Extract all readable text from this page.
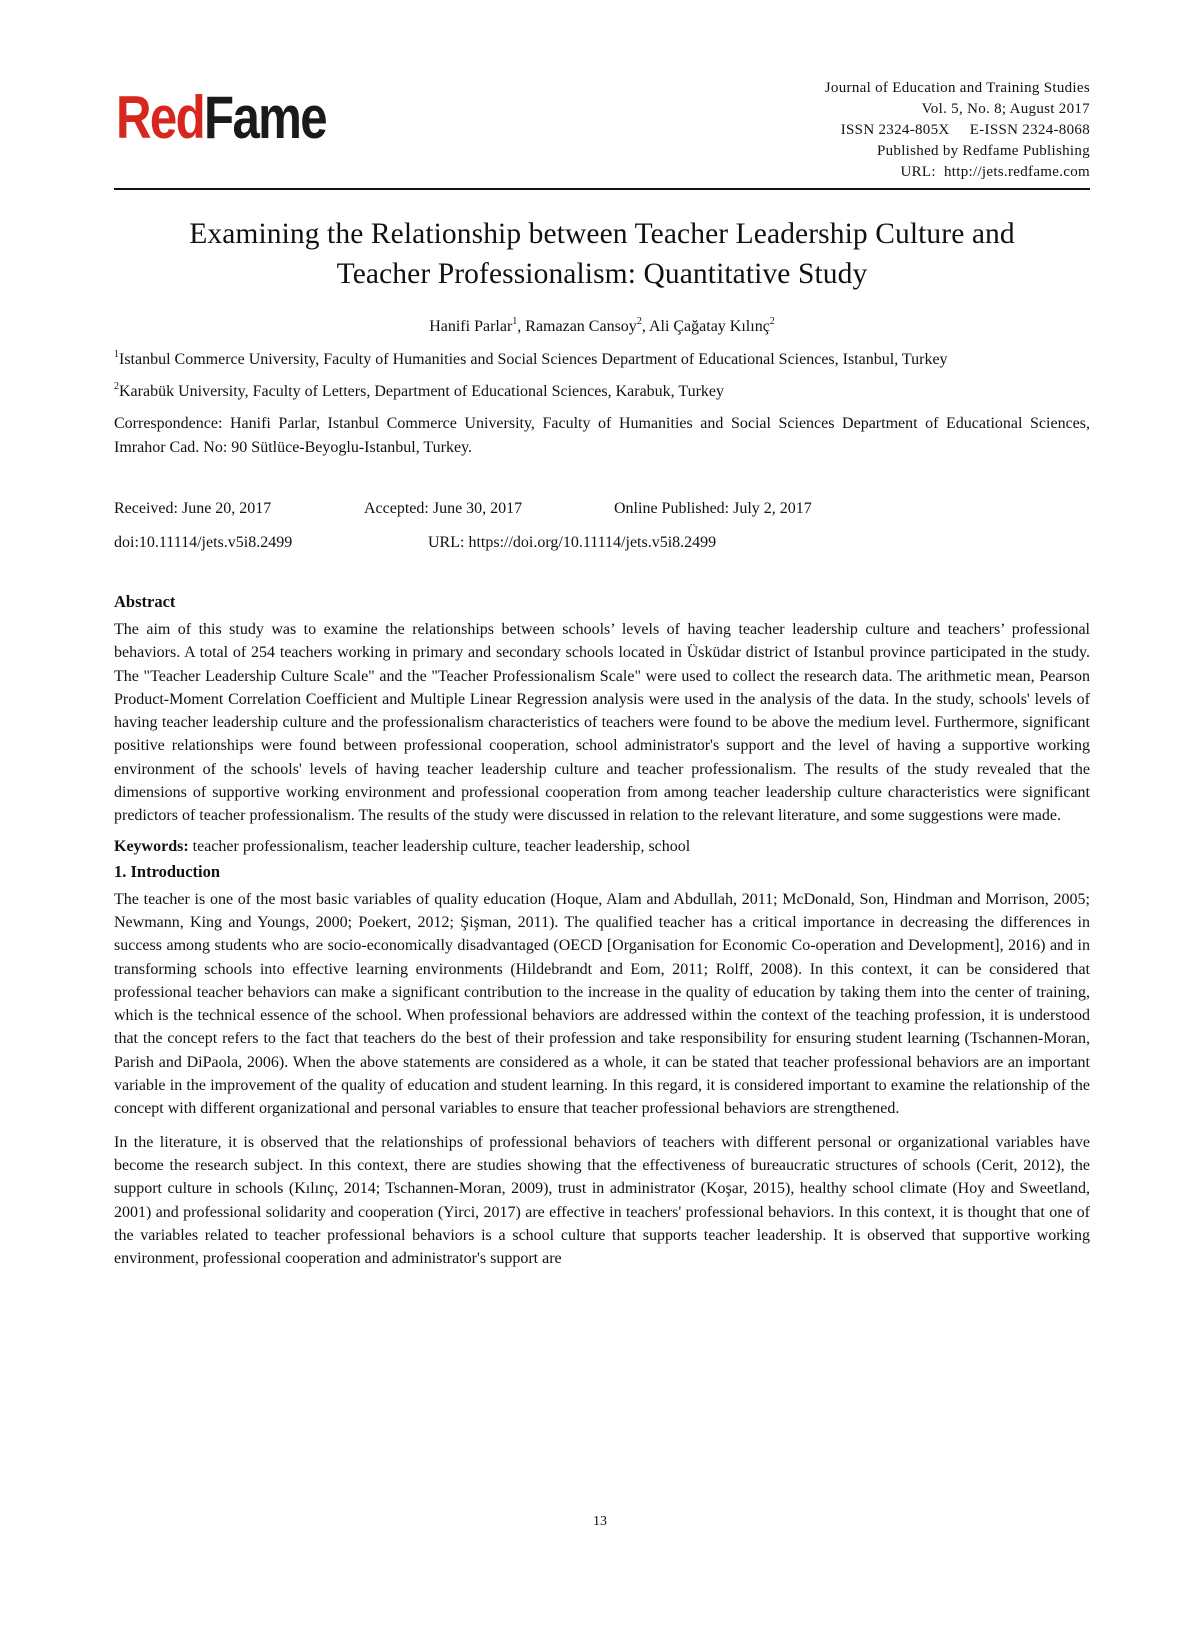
RedFame	Journal of Education and Training Studies
Vol. 5, No. 8; August 2017
ISSN 2324-805X E-ISSN 2324-8068
Published by Redfame Publishing
URL: http://jets.redfame.com
Examining the Relationship between Teacher Leadership Culture and
Teacher Professionalism: Quantitative Study
Hanifi Parlar$^1$, Ramazan Cansoy$^2$, Ali Çağatay Kılınç$^2$
$^1$Istanbul Commerce University, Faculty of Humanities and Social Sciences Department of Educational Sciences, Istanbul, Turkey
$^2$Karabük University, Faculty of Letters, Department of Educational Sciences, Karabuk, Turkey
Correspondence: Hanifi Parlar, Istanbul Commerce University, Faculty of Humanities and Social Sciences Department of Educational Sciences, Imrahor Cad. No: 90 Sütlüce-Beyoglu-Istanbul, Turkey.
Received: June 20, 2017	Accepted: June 30, 2017	Online Published: July 2, 2017
doi:10.11114/jets.v5i8.2499	URL: https://doi.org/10.11114/jets.v5i8.2499
Abstract
The aim of this study was to examine the relationships between schools’ levels of having teacher leadership culture and teachers’ professional behaviors. A total of 254 teachers working in primary and secondary schools located in Üsküdar district of Istanbul province participated in the study. The "Teacher Leadership Culture Scale" and the "Teacher Professionalism Scale" were used to collect the research data. The arithmetic mean, Pearson Product-Moment Correlation Coefficient and Multiple Linear Regression analysis were used in the analysis of the data. In the study, schools' levels of having teacher leadership culture and the professionalism characteristics of teachers were found to be above the medium level. Furthermore, significant positive relationships were found between professional cooperation, school administrator's support and the level of having a supportive working environment of the schools' levels of having teacher leadership culture and teacher professionalism. The results of the study revealed that the dimensions of supportive working environment and professional cooperation from among teacher leadership culture characteristics were significant predictors of teacher professionalism. The results of the study were discussed in relation to the relevant literature, and some suggestions were made.
Keywords: teacher professionalism, teacher leadership culture, teacher leadership, school
1. Introduction
The teacher is one of the most basic variables of quality education (Hoque, Alam and Abdullah, 2011; McDonald, Son, Hindman and Morrison, 2005; Newmann, King and Youngs, 2000; Poekert, 2012; Şişman, 2011). The qualified teacher has a critical importance in decreasing the differences in success among students who are socio-economically disadvantaged (OECD [Organisation for Economic Co-operation and Development], 2016) and in transforming schools into effective learning environments (Hildebrandt and Eom, 2011; Rolff, 2008). In this context, it can be considered that professional teacher behaviors can make a significant contribution to the increase in the quality of education by taking them into the center of training, which is the technical essence of the school. When professional behaviors are addressed within the context of the teaching profession, it is understood that the concept refers to the fact that teachers do the best of their profession and take responsibility for ensuring student learning (Tschannen-Moran, Parish and DiPaola, 2006). When the above statements are considered as a whole, it can be stated that teacher professional behaviors are an important variable in the improvement of the quality of education and student learning. In this regard, it is considered important to examine the relationship of the concept with different organizational and personal variables to ensure that teacher professional behaviors are strengthened.
In the literature, it is observed that the relationships of professional behaviors of teachers with different personal or organizational variables have become the research subject. In this context, there are studies showing that the effectiveness of bureaucratic structures of schools (Cerit, 2012), the support culture in schools (Kılınç, 2014; Tschannen-Moran, 2009), trust in administrator (Koşar, 2015), healthy school climate (Hoy and Sweetland, 2001) and professional solidarity and cooperation (Yirci, 2017) are effective in teachers' professional behaviors. In this context, it is thought that one of the variables related to teacher professional behaviors is a school culture that supports teacher leadership. It is observed that supportive working environment, professional cooperation and administrator's support are
13
